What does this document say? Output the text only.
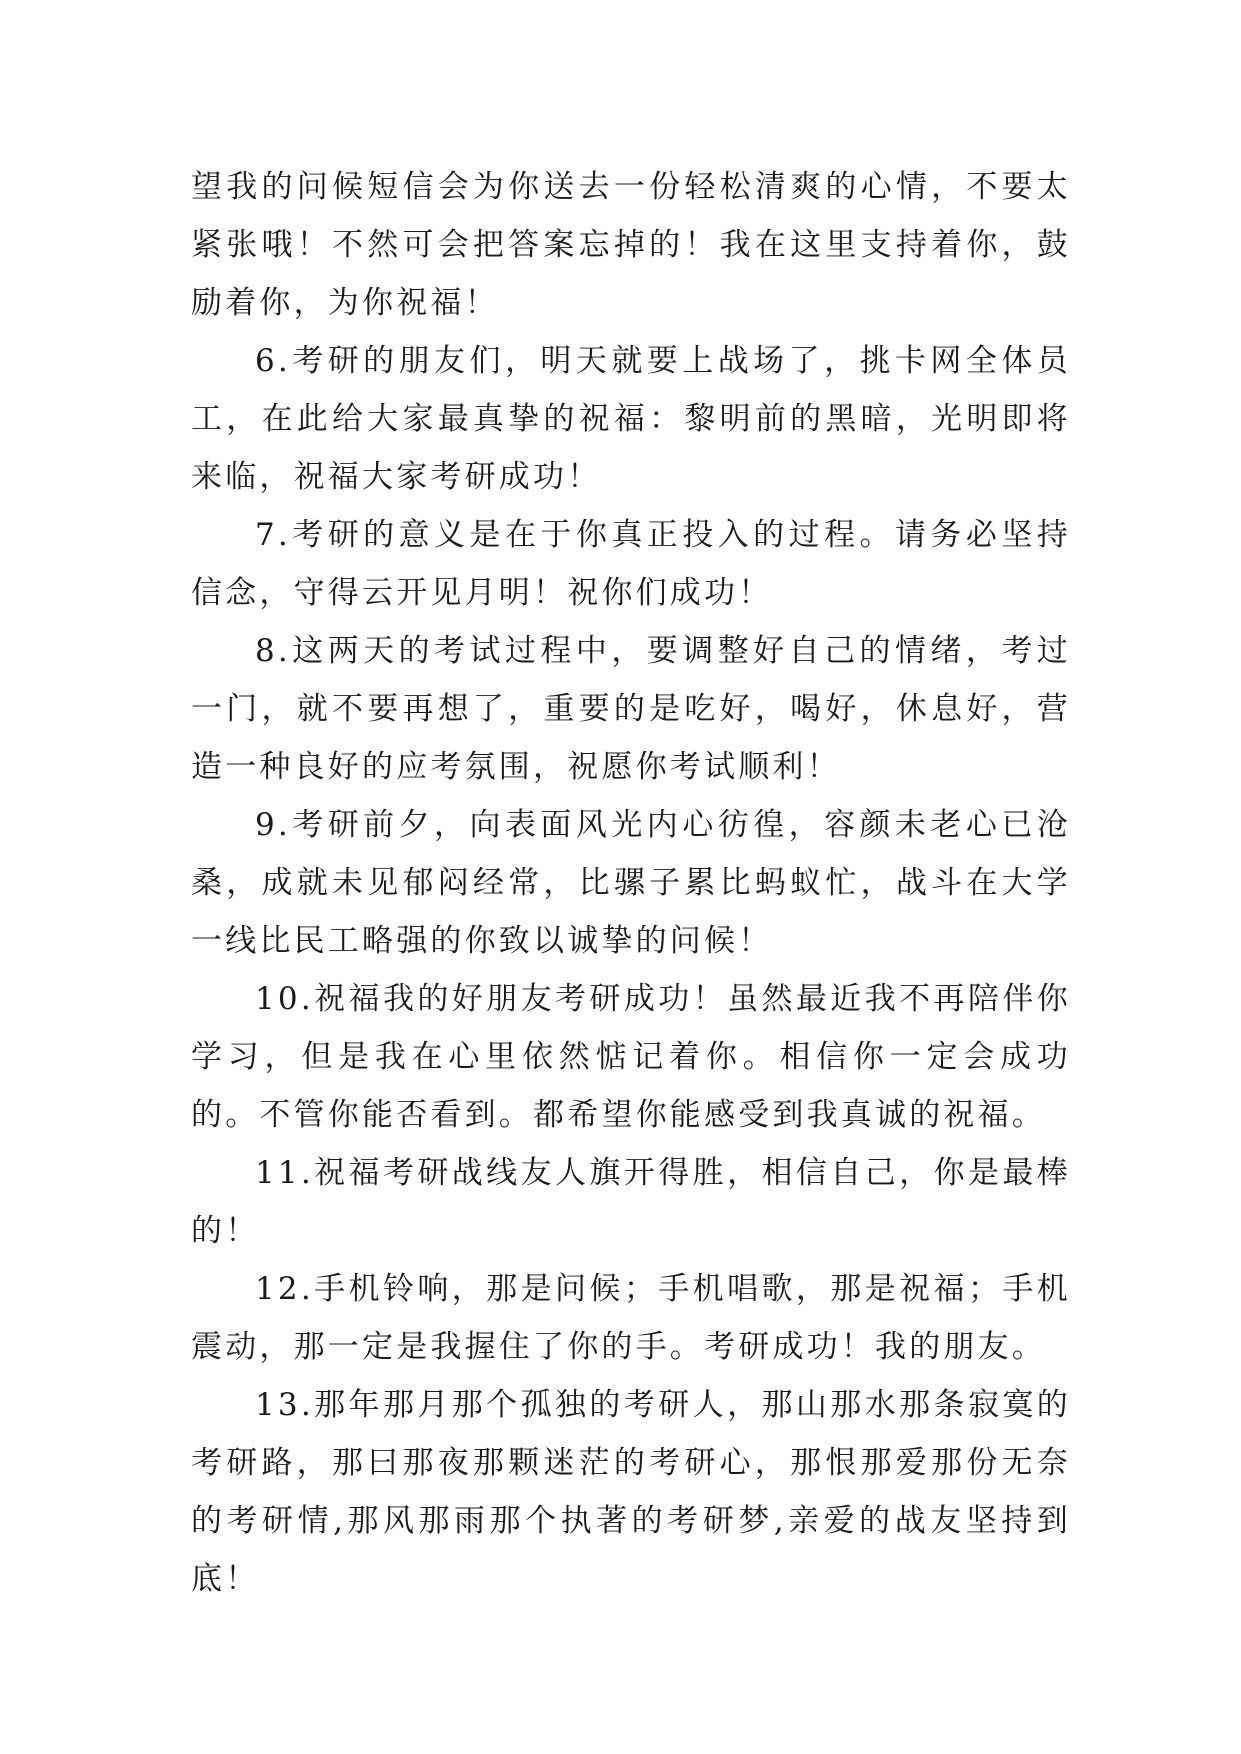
望我的问候短信会为你送去一份轻松清爽的心情，不要太紧张哦！不然可会把答案忘掉的！我在这里支持着你，鼓励着你，为你祝福！

6.考研的朋友们，明天就要上战场了，挑卡网全体员工，在此给大家最真挚的祝福：黎明前的黑暗，光明即将来临，祝福大家考研成功！

7.考研的意义是在于你真正投入的过程。请务必坚持信念，守得云开见月明！祝你们成功！

8.这两天的考试过程中，要调整好自己的情绪，考过一门，就不要再想了，重要的是吃好，喝好，休息好，营造一种良好的应考氛围，祝愿你考试顺利！

9.考研前夕，向表面风光内心彷徨，容颜未老心已沧桑，成就未见郁闷经常，比骡子累比蚂蚁忙，战斗在大学一线比民工略强的你致以诚挚的问候！

10.祝福我的好朋友考研成功！虽然最近我不再陪伴你学习，但是我在心里依然惦记着你。相信你一定会成功的。不管你能否看到。都希望你能感受到我真诚的祝福。

11.祝福考研战线友人旗开得胜，相信自己，你是最棒的！

12.手机铃响，那是问候；手机唱歌，那是祝福；手机震动，那一定是我握住了你的手。考研成功！我的朋友。

13.那年那月那个孤独的考研人，那山那水那条寂寞的考研路，那曰那夜那颗迷茫的考研心，那恨那爱那份无奈的考研情,那风那雨那个执著的考研梦,亲爱的战友坚持到底！
